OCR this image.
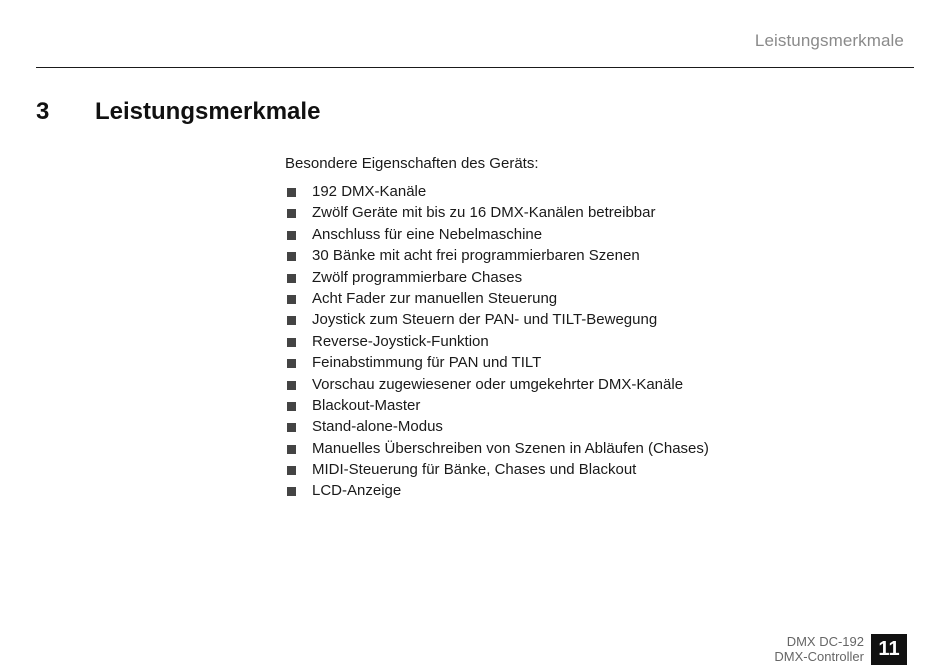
Leistungsmerkmale
3 Leistungsmerkmale
Besondere Eigenschaften des Geräts:
192 DMX-Kanäle
Zwölf Geräte mit bis zu 16 DMX-Kanälen betreibbar
Anschluss für eine Nebelmaschine
30 Bänke mit acht frei programmierbaren Szenen
Zwölf programmierbare Chases
Acht Fader zur manuellen Steuerung
Joystick zum Steuern der PAN- und TILT-Bewegung
Reverse-Joystick-Funktion
Feinabstimmung für PAN und TILT
Vorschau zugewiesener oder umgekehrter DMX-Kanäle
Blackout-Master
Stand-alone-Modus
Manuelles Überschreiben von Szenen in Abläufen (Chases)
MIDI-Steuerung für Bänke, Chases und Blackout
LCD-Anzeige
DMX DC-192
DMX-Controller 11
